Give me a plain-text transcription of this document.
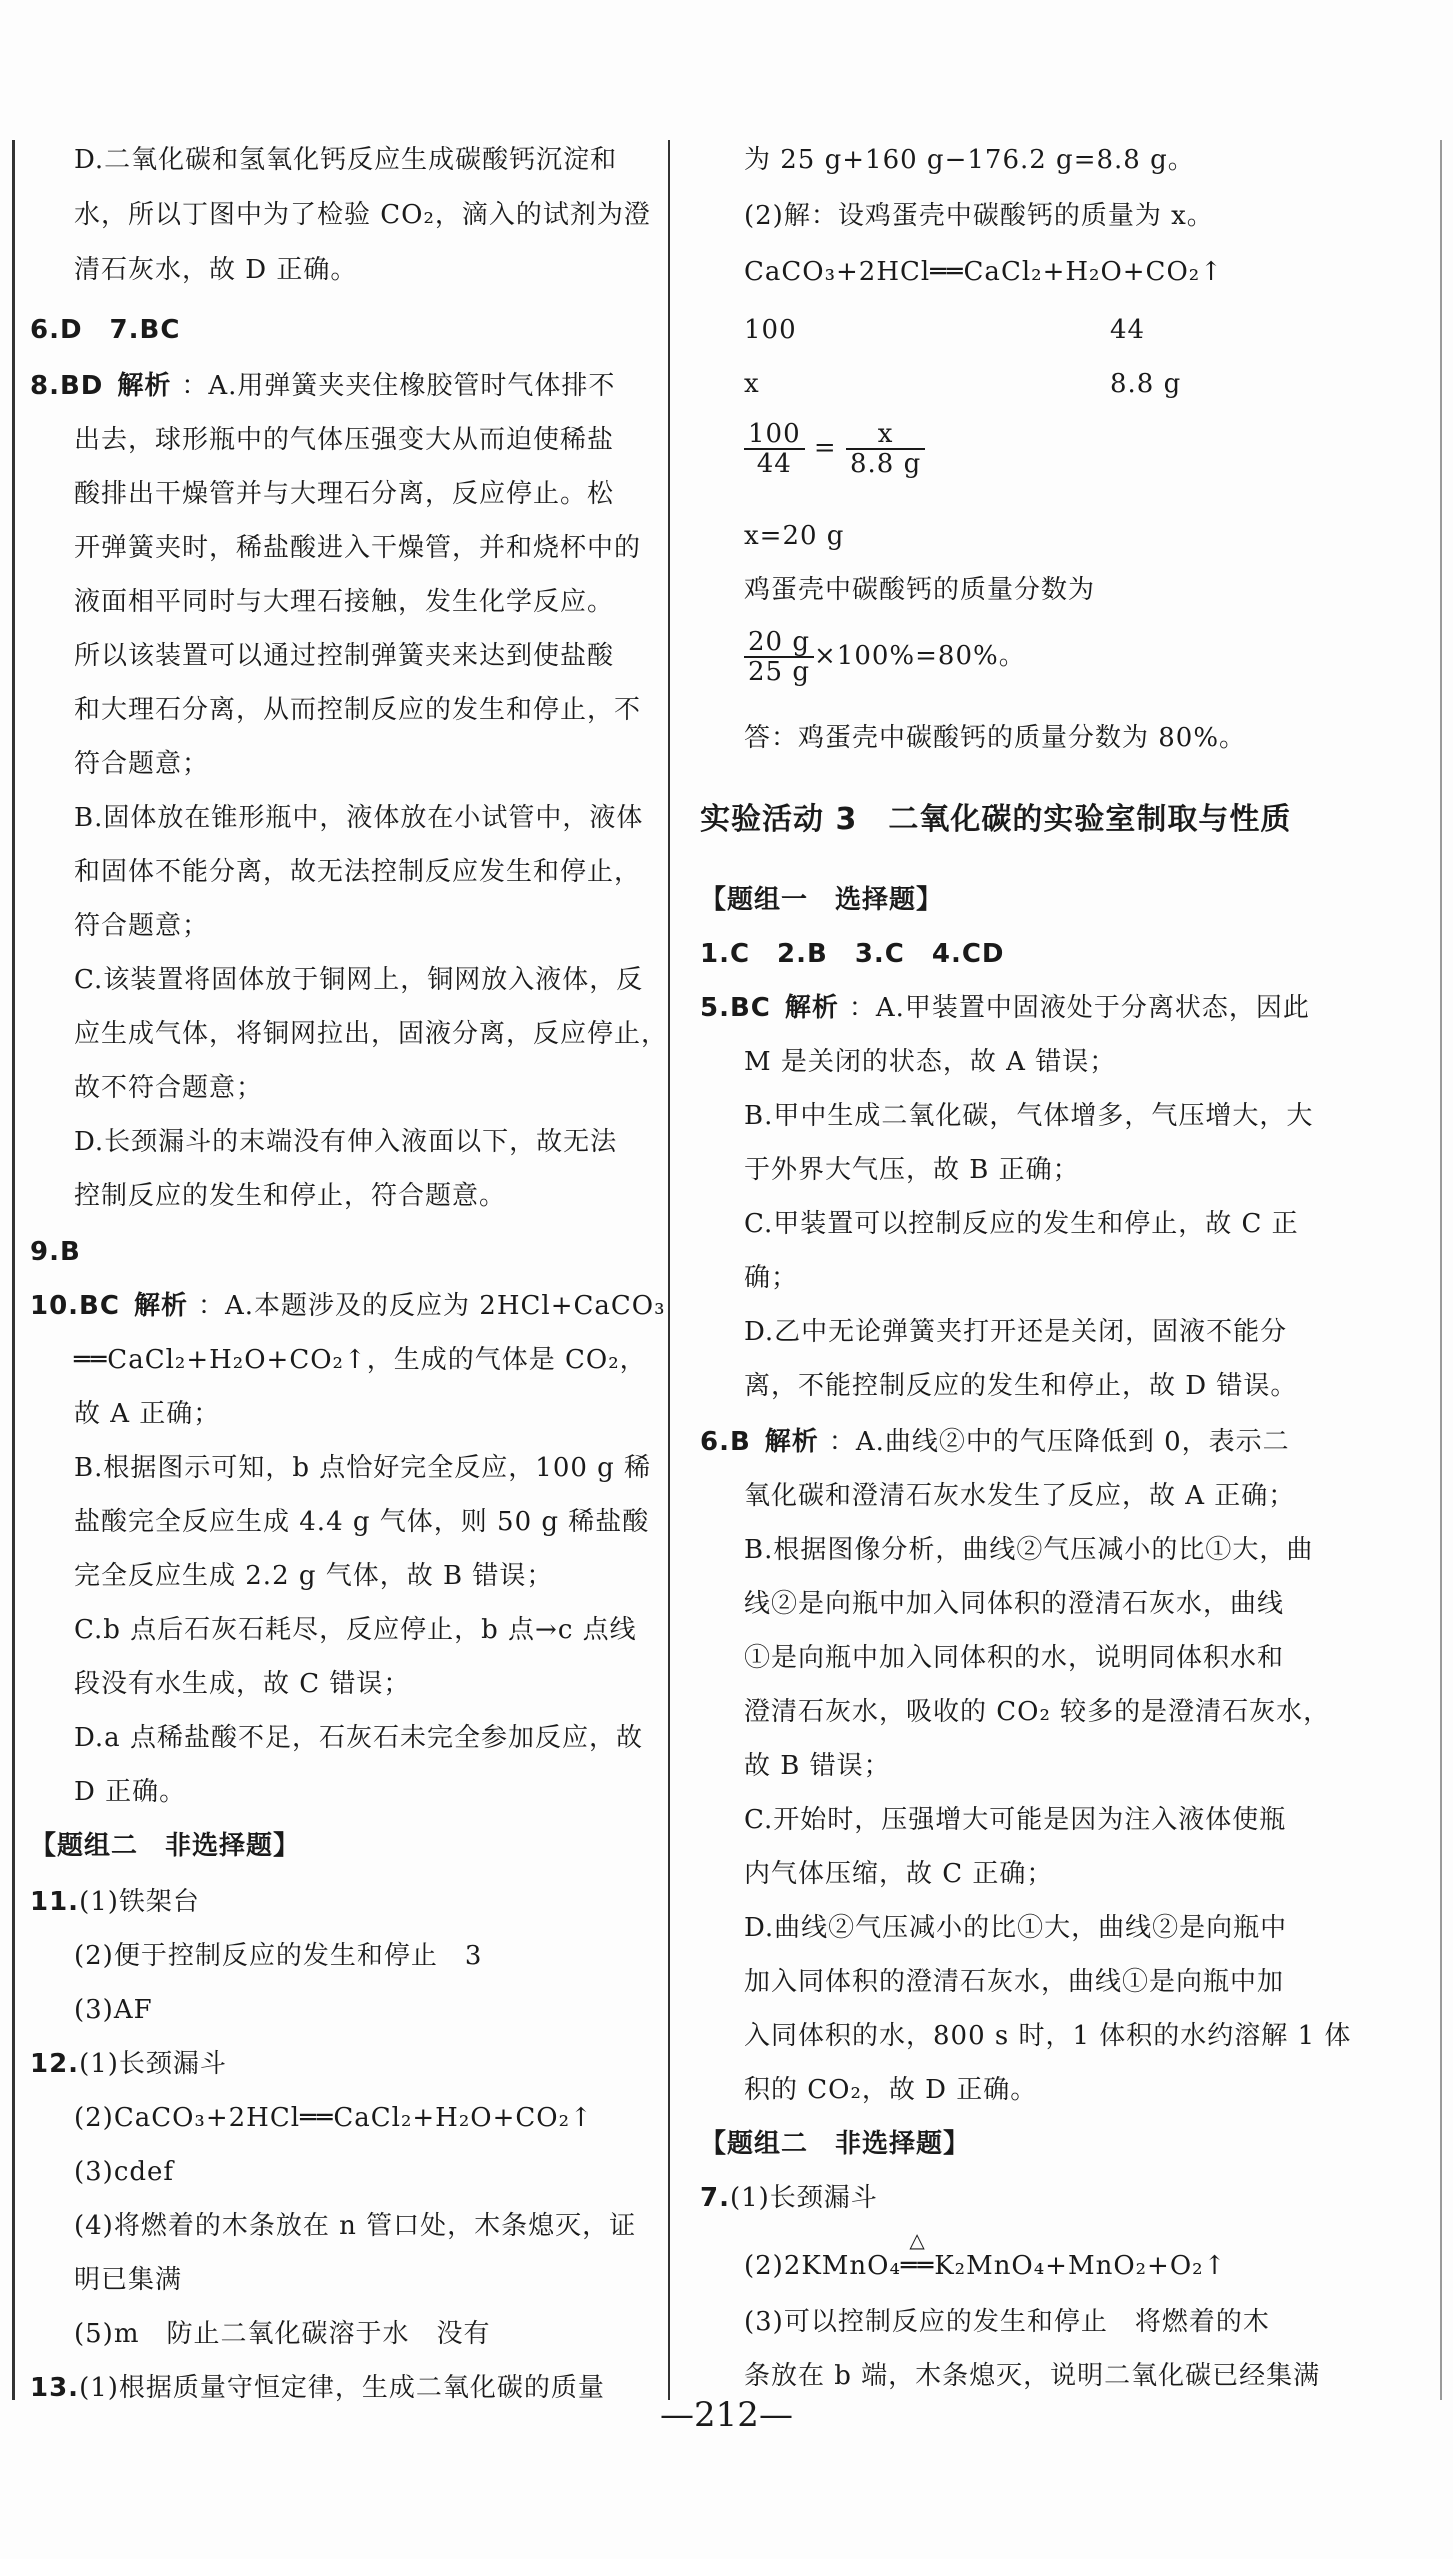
D.二氧化碳和氢氧化钙反应生成碳酸钙沉淀和
水，所以丁图中为了检验 CO₂，滴入的试剂为澄
清石灰水，故 D 正确。
6.D　7.BC
8.BD 解析 ：A.用弹簧夹夹住橡胶管时气体排不
出去，球形瓶中的气体压强变大从而迫使稀盐
酸排出干燥管并与大理石分离，反应停止。松
开弹簧夹时，稀盐酸进入干燥管，并和烧杯中的
液面相平同时与大理石接触，发生化学反应。
所以该装置可以通过控制弹簧夹来达到使盐酸
和大理石分离，从而控制反应的发生和停止，不
符合题意；
B.固体放在锥形瓶中，液体放在小试管中，液体
和固体不能分离，故无法控制反应发生和停止，
符合题意；
C.该装置将固体放于铜网上，铜网放入液体，反
应生成气体，将铜网拉出，固液分离，反应停止，
故不符合题意；
D.长颈漏斗的末端没有伸入液面以下，故无法
控制反应的发生和停止，符合题意。
9.B
10.BC 解析 ：A.本题涉及的反应为 2HCl+CaCO₃
══CaCl₂+H₂O+CO₂↑，生成的气体是 CO₂，
故 A 正确；
B.根据图示可知，b 点恰好完全反应，100 g 稀
盐酸完全反应生成 4.4 g 气体，则 50 g 稀盐酸
完全反应生成 2.2 g 气体，故 B 错误；
C.b 点后石灰石耗尽，反应停止，b 点→c 点线
段没有水生成，故 C 错误；
D.a 点稀盐酸不足，石灰石未完全参加反应，故
D 正确。
【题组二　非选择题】
11.(1)铁架台
(2)便于控制反应的发生和停止　3
(3)AF
12.(1)长颈漏斗
(2)CaCO₃+2HCl══CaCl₂+H₂O+CO₂↑
(3)cdef
(4)将燃着的木条放在 n 管口处，木条熄灭，证
明已集满
(5)m　防止二氧化碳溶于水　没有
13.(1)根据质量守恒定律，生成二氧化碳的质量
为 25 g+160 g−176.2 g=8.8 g。
(2)解：设鸡蛋壳中碳酸钙的质量为 x。
CaCO₃+2HCl══CaCl₂+H₂O+CO₂↑
100	44
x	8.8 g
$\frac{100}{44} = \frac{x}{8.8 g}$
x=20 g
鸡蛋壳中碳酸钙的质量分数为
$\frac{20 g}{25 g} \times 100\%=80\%$。
答：鸡蛋壳中碳酸钙的质量分数为 80%。
实验活动 3　二氧化碳的实验室制取与性质
【题组一　选择题】
1.C　2.B　3.C　4.CD
5.BC 解析 ：A.甲装置中固液处于分离状态，因此
M 是关闭的状态，故 A 错误；
B.甲中生成二氧化碳，气体增多，气压增大，大
于外界大气压，故 B 正确；
C.甲装置可以控制反应的发生和停止，故 C 正
确；
D.乙中无论弹簧夹打开还是关闭，固液不能分
离，不能控制反应的发生和停止，故 D 错误。
6.B 解析 ：A.曲线②中的气压降低到 0，表示二
氧化碳和澄清石灰水发生了反应，故 A 正确；
B.根据图像分析，曲线②气压减小的比①大，曲
线②是向瓶中加入同体积的澄清石灰水，曲线
①是向瓶中加入同体积的水，说明同体积水和
澄清石灰水，吸收的 CO₂ 较多的是澄清石灰水，
故 B 错误；
C.开始时，压强增大可能是因为注入液体使瓶
内气体压缩，故 C 正确；
D.曲线②气压减小的比①大，曲线②是向瓶中
加入同体积的澄清石灰水，曲线①是向瓶中加
入同体积的水，800 s 时，1 体积的水约溶解 1 体
积的 CO₂，故 D 正确。
【题组二　非选择题】
7.(1)长颈漏斗
(2)2KMnO₄
△
══K₂MnO₄+MnO₂+O₂↑
(3)可以控制反应的发生和停止　将燃着的木
条放在 b 端，木条熄灭，说明二氧化碳已经集满
—212—
